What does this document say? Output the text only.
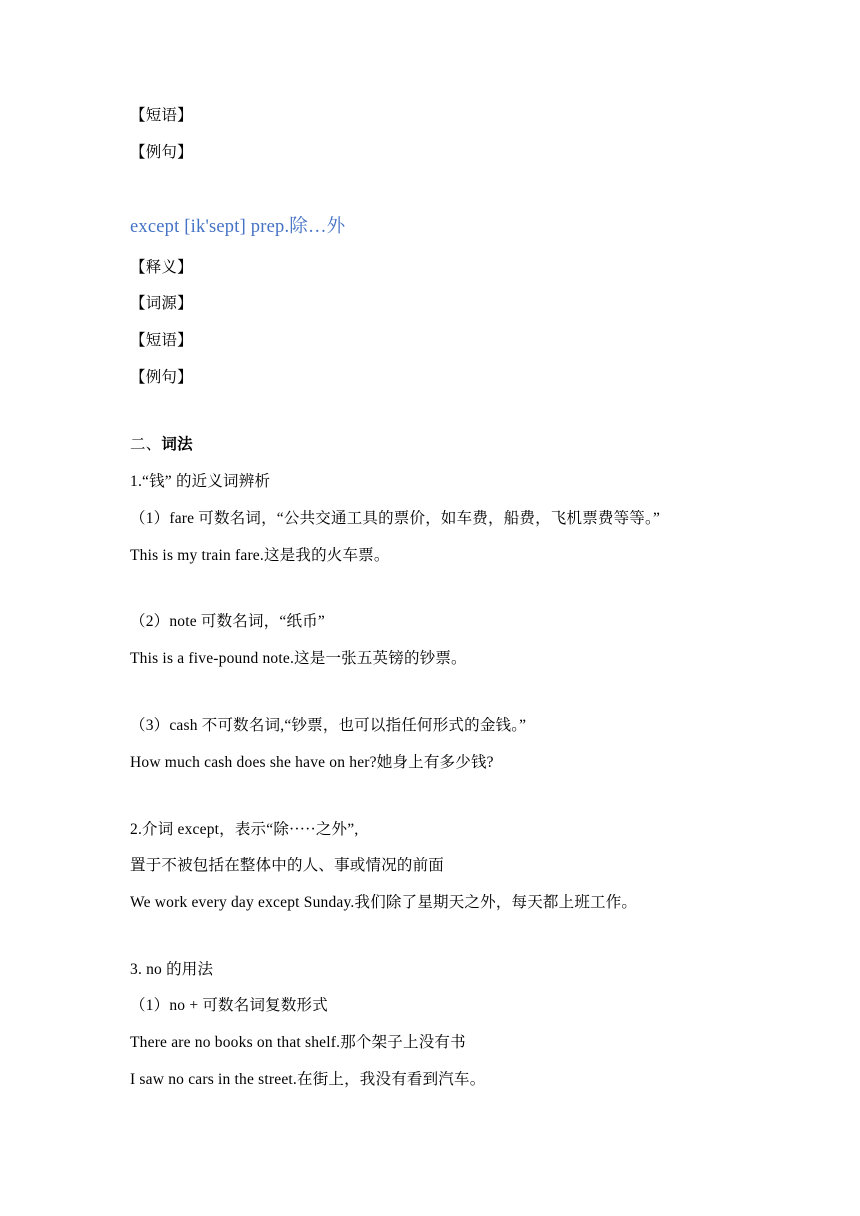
【短语】
【例句】
except [ik'sept] prep.除…外
【释义】
【词源】
【短语】
【例句】
二、词法
1.“钱” 的近义词辨析
（1）fare 可数名词，“公共交通工具的票价，如车费，船费，飞机票费等等。”
This is my train fare.这是我的火车票。
（2）note 可数名词，“纸币”
This is a five-pound note.这是一张五英镑的钞票。
（3）cash 不可数名词,“钞票，也可以指任何形式的金钱。”
How much cash does she have on her?她身上有多少钱?
2.介词 except，表示“除·····之外”,
置于不被包括在整体中的人、事或情况的前面
We work every day except Sunday.我们除了星期天之外，每天都上班工作。
3. no 的用法
（1）no + 可数名词复数形式
There are no books on that shelf.那个架子上没有书
I saw no cars in the street.在街上，我没有看到汽车。
